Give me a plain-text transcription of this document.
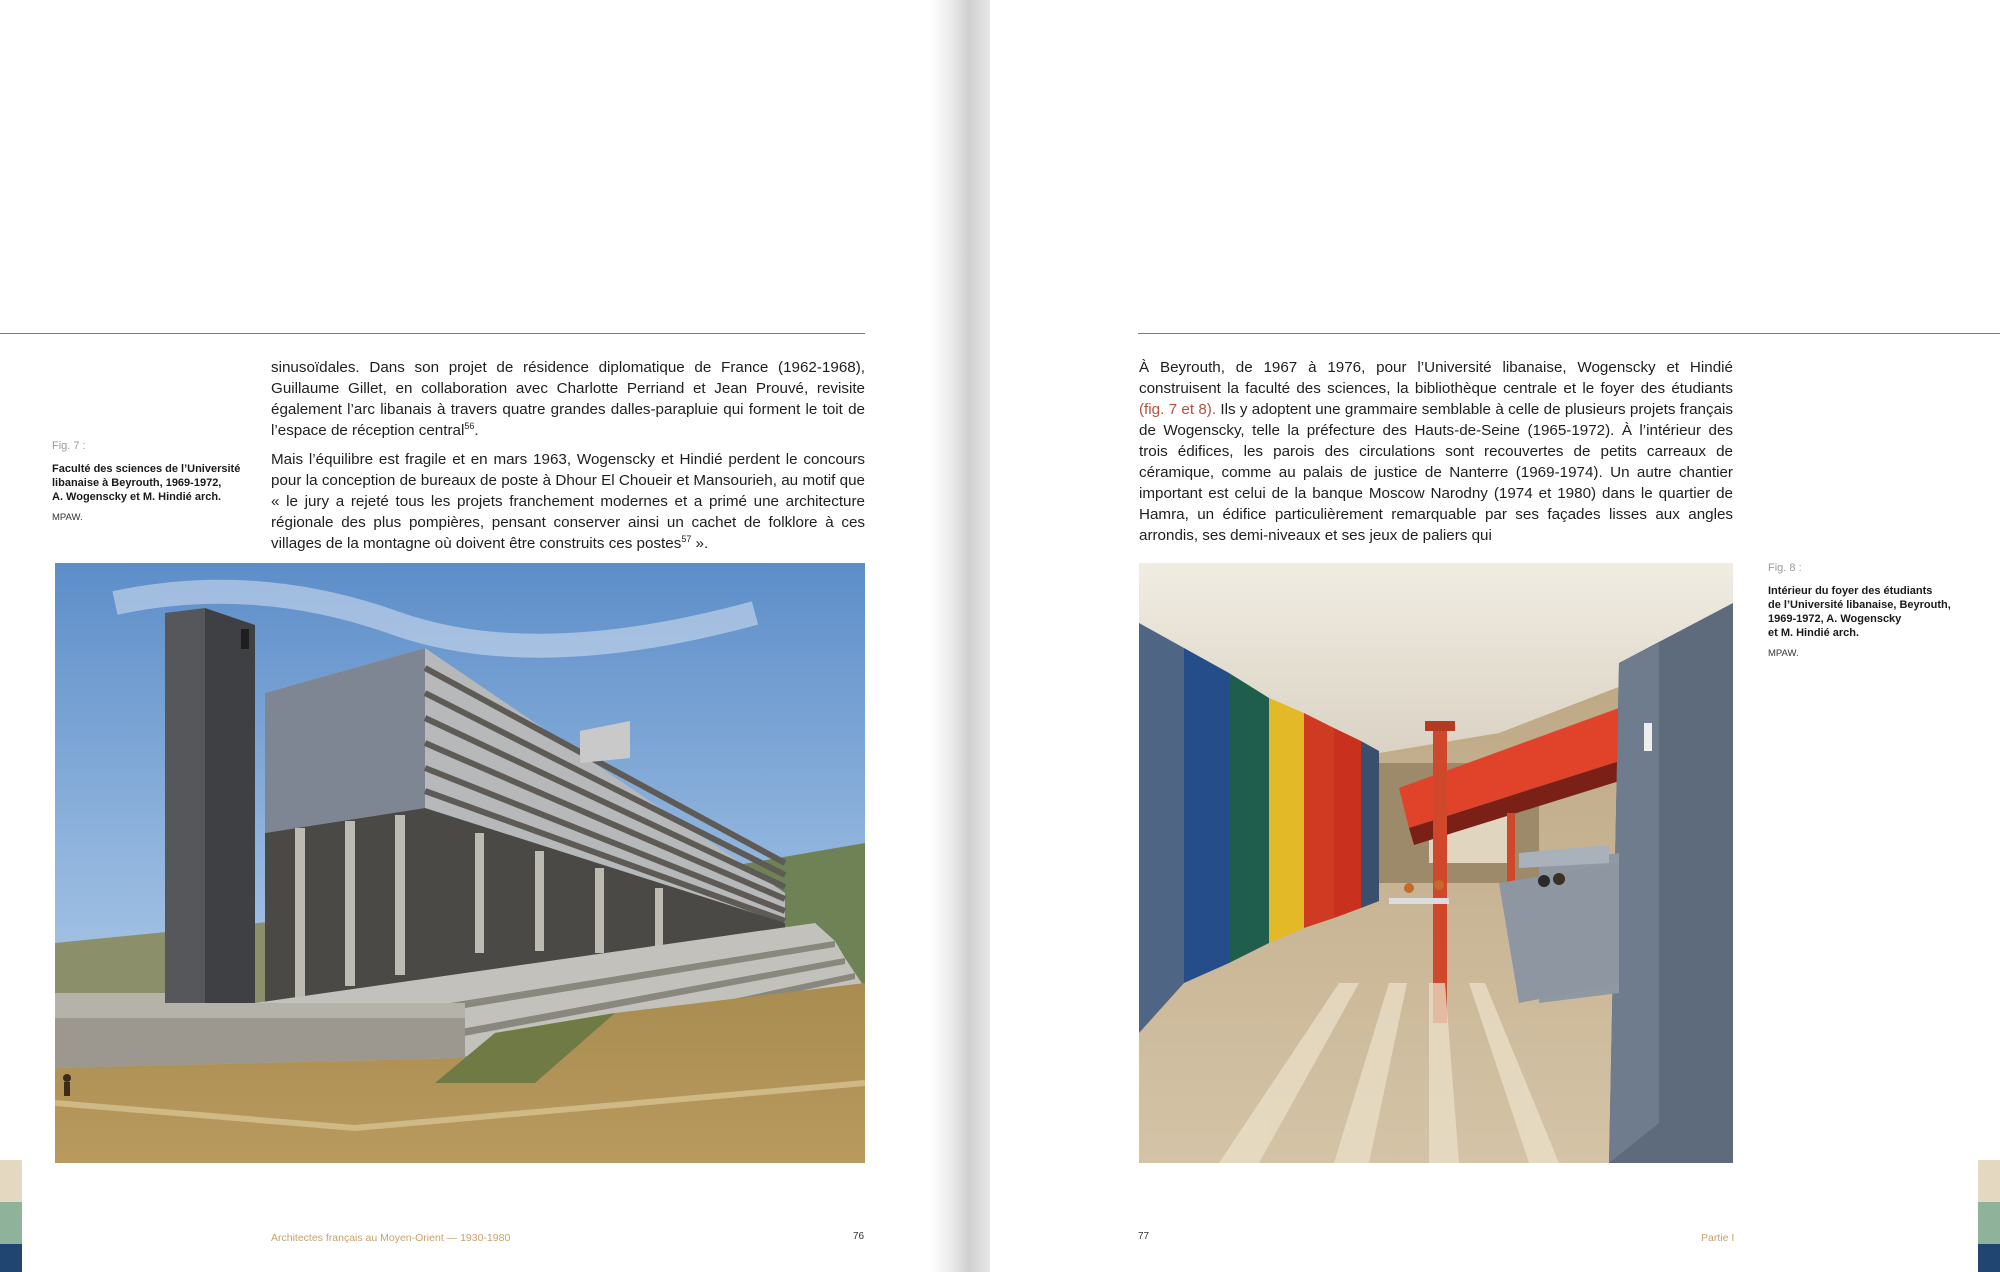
Fig. 7 :
Faculté des sciences de l’Université
libanaise à Beyrouth, 1969-1972,
A. Wogenscky et M. Hindié arch.
MPAW.

sinusoïdales. Dans son projet de résidence diplomatique de France (1962-1968), Guillaume Gillet, en collaboration avec Charlotte Perriand et Jean Prouvé, revisite également l’arc libanais à travers quatre grandes dalles-parapluie qui forment le toit de l’espace de réception central$^{56}$.

Mais l’équilibre est fragile et en mars 1963, Wogenscky et Hindié perdent le concours pour la conception de bureaux de poste à Dhour El Choueir et Mansourieh, au motif que « le jury a rejeté tous les projets franchement modernes et a primé une architecture régionale des plus pompières, pensant conserver ainsi un cachet de folklore à ces villages de la montagne où doivent être construits ces postes$^{57}$ ».

Architectes français au Moyen-Orient — 1930-1980	76

À Beyrouth, de 1967 à 1976, pour l’Université libanaise, Wogenscky et Hindié construisent la faculté des sciences, la bibliothèque centrale et le foyer des étudiants (fig. 7 et 8). Ils y adoptent une grammaire semblable à celle de plusieurs projets français de Wogenscky, telle la préfecture des Hauts-de-Seine (1965-1972). À l’intérieur des trois édifices, les parois des circulations sont recouvertes de petits carreaux de céramique, comme au palais de justice de Nanterre (1969-1974). Un autre chantier important est celui de la banque Moscow Narodny (1974 et 1980) dans le quartier de Hamra, un édifice particulièrement remarquable par ses façades lisses aux angles arrondis, ses demi-niveaux et ses jeux de paliers qui

Fig. 8 :
Intérieur du foyer des étudiants
de l’Université libanaise, Beyrouth,
1969-1972, A. Wogenscky
et M. Hindié arch.
MPAW.
77	Partie I
